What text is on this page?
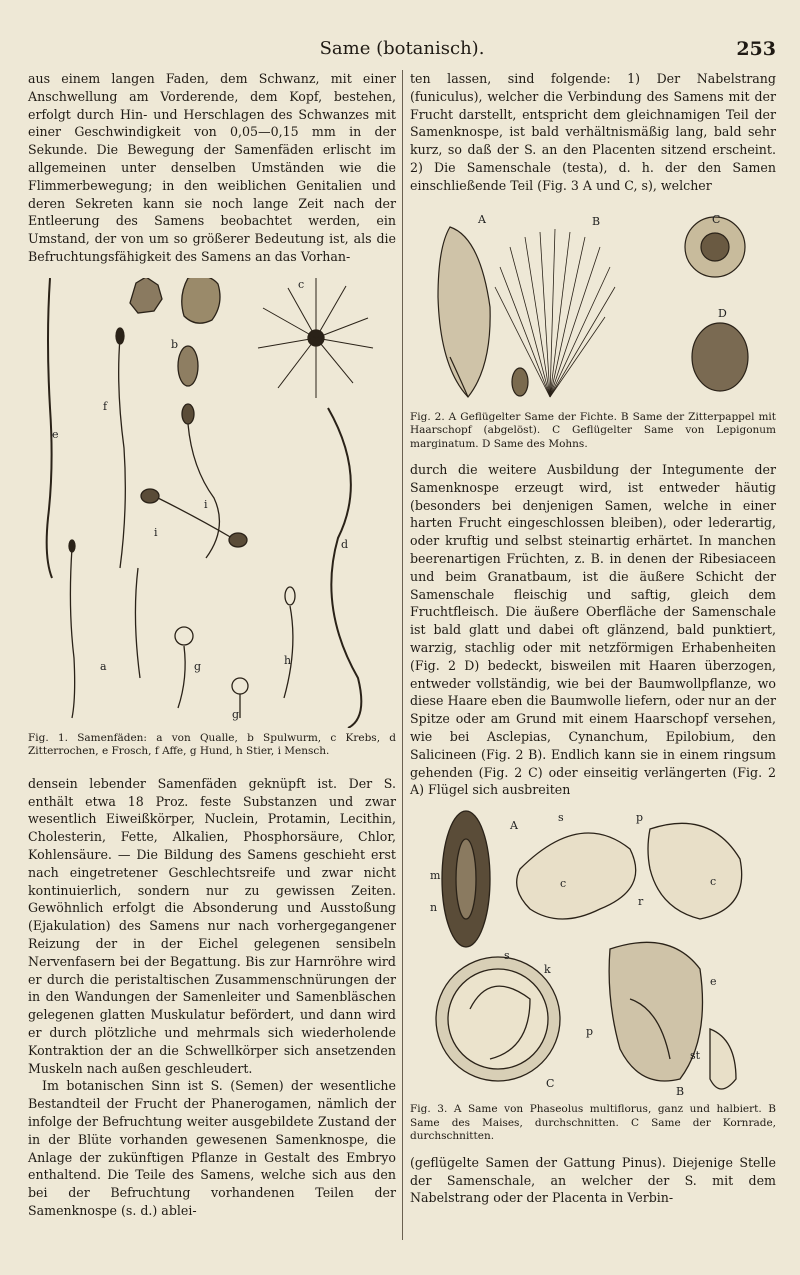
Same (botanisch).	253

aus einem langen Faden, dem Schwanz, mit einer Anschwellung am Vorderende, dem Kopf, bestehen, erfolgt durch Hin- und Herschlagen des Schwanzes mit einer Geschwindigkeit von 0,05—0,15 mm in der Sekunde. Die Bewegung der Samenfäden erlischt im allgemeinen unter denselben Umständen wie die Flimmerbewegung; in den weiblichen Genitalien und deren Sekreten kann sie noch lange Zeit nach der Entleerung des Samens beobachtet werden, ein Umstand, der von um so größerer Bedeutung ist, als die Befruchtungsfähigkeit des Samens an das Vorhan-

a
b
c
d
e
f
g
g
h
i
i

Fig. 1. Samenfäden: a von Qualle, b Spulwurm, c Krebs, d Zitterrochen, e Frosch, f Affe, g Hund, h Stier, i Mensch.

densein lebender Samenfäden geknüpft ist. Der S. enthält etwa 18 Proz. feste Substanzen und zwar wesentlich Eiweißkörper, Nuclein, Protamin, Lecithin, Cholesterin, Fette, Alkalien, Phosphorsäure, Chlor, Kohlensäure. — Die Bildung des Samens geschieht erst nach eingetretener Geschlechtsreife und zwar nicht kontinuierlich, sondern nur zu gewissen Zeiten. Gewöhnlich erfolgt die Absonderung und Ausstoßung (Ejakulation) des Samens nur nach vorhergegangener Reizung der in der Eichel gelegenen sensibeln Nervenfasern bei der Begattung. Bis zur Harnröhre wird er durch die peristaltischen Zusammenschnürungen der in den Wandungen der Samenleiter und Samenbläschen gelegenen glatten Muskulatur befördert, und dann wird er durch plötzliche und mehrmals sich wiederholende Kontraktion der an die Schwellkörper sich ansetzenden Muskeln nach außen geschleudert.

Im botanischen Sinn ist S. (Semen) der wesentliche Bestandteil der Frucht der Phanerogamen, nämlich der infolge der Befruchtung weiter ausgebildete Zustand der in der Blüte vorhanden gewesenen Samenknospe, die Anlage der zukünftigen Pflanze in Gestalt des Embryo enthaltend. Die Teile des Samens, welche sich aus den bei der Befruchtung vorhandenen Teilen der Samenknospe (s. d.) ablei-

ten lassen, sind folgende: 1) Der Nabelstrang (funiculus), welcher die Verbindung des Samens mit der Frucht darstellt, entspricht dem gleichnamigen Teil der Samenknospe, ist bald verhältnismäßig lang, bald sehr kurz, so daß der S. an den Placenten sitzend erscheint. 2) Die Samenschale (testa), d. h. der den Samen einschließende Teil (Fig. 3 A und C, s), welcher

A	B	C
D

Fig. 2. A Geflügelter Same der Fichte. B Same der Zitterpappel mit Haarschopf (abgelöst). C Geflügelter Same von Lepigonum marginatum. D Same des Mohns.

durch die weitere Ausbildung der Integumente der Samenknospe erzeugt wird, ist entweder häutig (besonders bei denjenigen Samen, welche in einer harten Frucht eingeschlossen bleiben), oder lederartig, oder kruftig und selbst steinartig erhärtet. In manchen beerenartigen Früchten, z. B. in denen der Ribesiaceen und beim Granatbaum, ist die äußere Schicht der Samenschale fleischig und saftig, gleich dem Fruchtfleisch. Die äußere Oberfläche der Samenschale ist bald glatt und dabei oft glänzend, bald punktiert, warzig, stachlig oder mit netzförmigen Erhabenheiten (Fig. 2 D) bedeckt, bisweilen mit Haaren überzogen, entweder vollständig, wie bei der Baumwollpflanze, wo diese Haare eben die Baumwolle liefern, oder nur an der Spitze oder am Grund mit einem Haarschopf versehen, wie bei Asclepias, Cynanchum, Epilobium, den Salicineen (Fig. 2 B). Endlich kann sie in einem ringsum gehenden (Fig. 2 C) oder einseitig verlängerten (Fig. 2 A) Flügel sich ausbreiten

A
s	p
m
n
c
r
c
s
k
e
p
st
C
B

Fig. 3. A Same von Phaseolus multiflorus, ganz und halbiert. B Same des Maises, durchschnitten. C Same der Kornrade, durchschnitten.

(geflügelte Samen der Gattung Pinus). Diejenige Stelle der Samenschale, an welcher der S. mit dem Nabelstrang oder der Placenta in Verbin-
